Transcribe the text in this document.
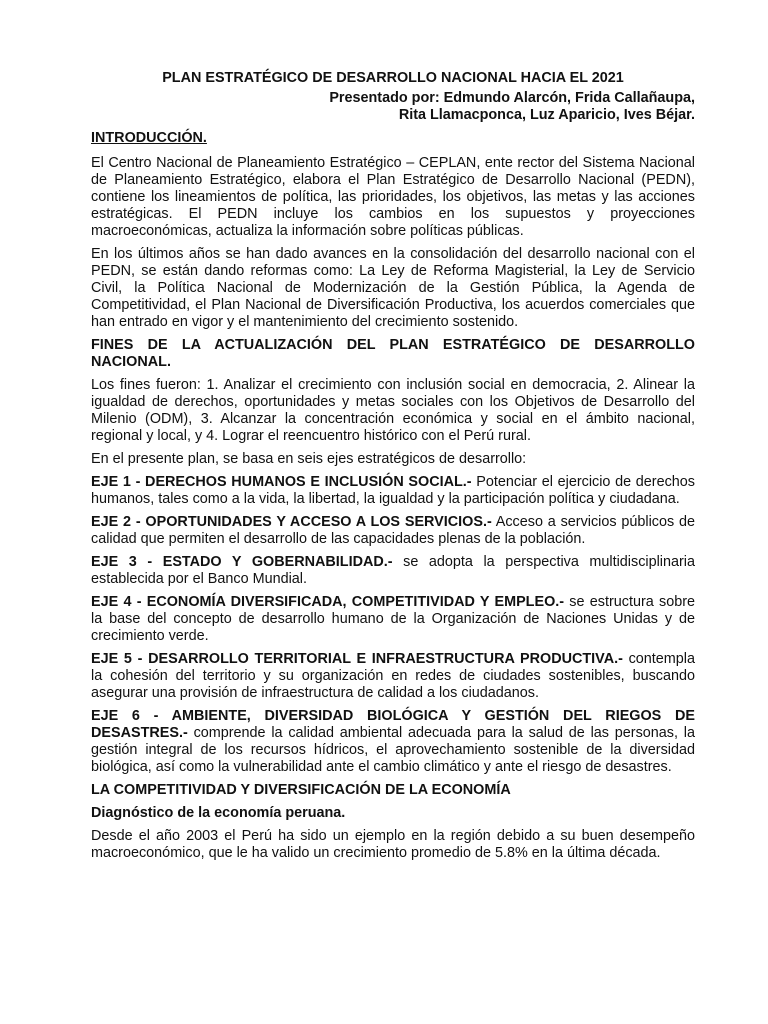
PLAN ESTRATÉGICO DE DESARROLLO NACIONAL HACIA EL 2021
Presentado por: Edmundo Alarcón, Frida Callañaupa,
Rita Llamacponca, Luz Aparicio, Ives Béjar.
INTRODUCCIÓN.

El Centro Nacional de Planeamiento Estratégico – CEPLAN, ente rector del Sistema Nacional de Planeamiento Estratégico, elabora el Plan Estratégico de Desarrollo Nacional (PEDN), contiene los lineamientos de política, las prioridades, los objetivos, las metas y las acciones estratégicas. El PEDN incluye los cambios en los supuestos y proyecciones macroeconómicas, actualiza la información sobre políticas públicas.

En los últimos años se han dado avances en la consolidación del desarrollo nacional con el PEDN, se están dando reformas como: La Ley de Reforma Magisterial, la Ley de Servicio Civil, la Política Nacional de Modernización de la Gestión Pública, la Agenda de Competitividad, el Plan Nacional de Diversificación Productiva, los acuerdos comerciales que han entrado en vigor y el mantenimiento del crecimiento sostenido.

FINES DE LA ACTUALIZACIÓN DEL PLAN ESTRATÉGICO DE DESARROLLO NACIONAL.

Los fines fueron: 1. Analizar el crecimiento con inclusión social en democracia, 2. Alinear la igualdad de derechos, oportunidades y metas sociales con los Objetivos de Desarrollo del Milenio (ODM), 3. Alcanzar la concentración económica y social en el ámbito nacional, regional y local, y 4. Lograr el reencuentro histórico con el Perú rural.

En el presente plan, se basa en seis ejes estratégicos de desarrollo:

EJE 1 - DERECHOS HUMANOS E INCLUSIÓN SOCIAL.- Potenciar el ejercicio de derechos humanos, tales como a la vida, la libertad, la igualdad y la participación política y ciudadana.

EJE 2 - OPORTUNIDADES Y ACCESO A LOS SERVICIOS.- Acceso a servicios públicos de calidad que permiten el desarrollo de las capacidades plenas de la población.

EJE 3 - ESTADO Y GOBERNABILIDAD.- se adopta la perspectiva multidisciplinaria establecida por el Banco Mundial.

EJE 4 - ECONOMÍA DIVERSIFICADA, COMPETITIVIDAD Y EMPLEO.- se estructura sobre la base del concepto de desarrollo humano de la Organización de Naciones Unidas y de crecimiento verde.

EJE 5 - DESARROLLO TERRITORIAL E INFRAESTRUCTURA PRODUCTIVA.- contempla la cohesión del territorio y su organización en redes de ciudades sostenibles, buscando asegurar una provisión de infraestructura de calidad a los ciudadanos.

EJE 6 - AMBIENTE, DIVERSIDAD BIOLÓGICA Y GESTIÓN DEL RIEGOS DE DESASTRES.- comprende la calidad ambiental adecuada para la salud de las personas, la gestión integral de los recursos hídricos, el aprovechamiento sostenible de la diversidad biológica, así como la vulnerabilidad ante el cambio climático y ante el riesgo de desastres.

LA COMPETITIVIDAD Y DIVERSIFICACIÓN DE LA ECONOMÍA
Diagnóstico de la economía peruana.

Desde el año 2003 el Perú ha sido un ejemplo en la región debido a su buen desempeño macroeconómico, que le ha valido un crecimiento promedio de 5.8% en la última década.
